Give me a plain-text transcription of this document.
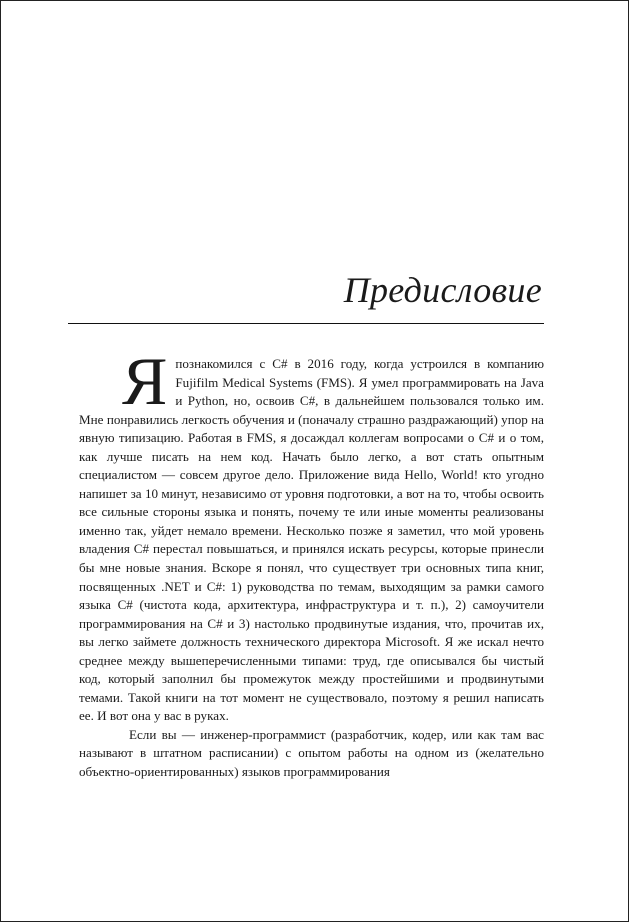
Предисловие

Япознакомился с C# в 2016 году, когда устроился в компанию Fujifilm Medical Systems (FMS). Я умел программировать на Java и Python, но, освоив C#, в дальнейшем пользовался только им. Мне понравились легкость обучения и (поначалу страшно раздражающий) упор на явную типизацию. Работая в FMS, я досаждал коллегам вопросами о C# и о том, как лучше писать на нем код. Начать было легко, а вот стать опытным специалистом — совсем другое дело. Приложение вида Hello, World! кто угодно напишет за 10 минут, независимо от уровня подготовки, а вот на то, чтобы освоить все сильные стороны языка и понять, почему те или иные моменты реализованы именно так, уйдет немало времени. Несколько позже я заметил, что мой уровень владения C# перестал повышаться, и принялся искать ресурсы, которые принесли бы мне новые знания. Вскоре я понял, что существует три основных типа книг, посвященных .NET и C#: 1) руководства по темам, выходящим за рамки самого языка C# (чистота кода, архитектура, инфраструктура и т. п.), 2) самоучители программирования на C# и 3) настолько продвинутые издания, что, прочитав их, вы легко займете должность технического директора Microsoft. Я же искал нечто среднее между вышеперечисленными типами: труд, где описывался бы чистый код, который заполнил бы промежуток между простейшими и продвинутыми темами. Такой книги на тот момент не существовало, поэтому я решил написать ее. И вот она у вас в руках.

Если вы — инженер-программист (разработчик, кодер, или как там вас называют в штатном расписании) с опытом работы на одном из (желательно объектно-ориентированных) языков программирования
